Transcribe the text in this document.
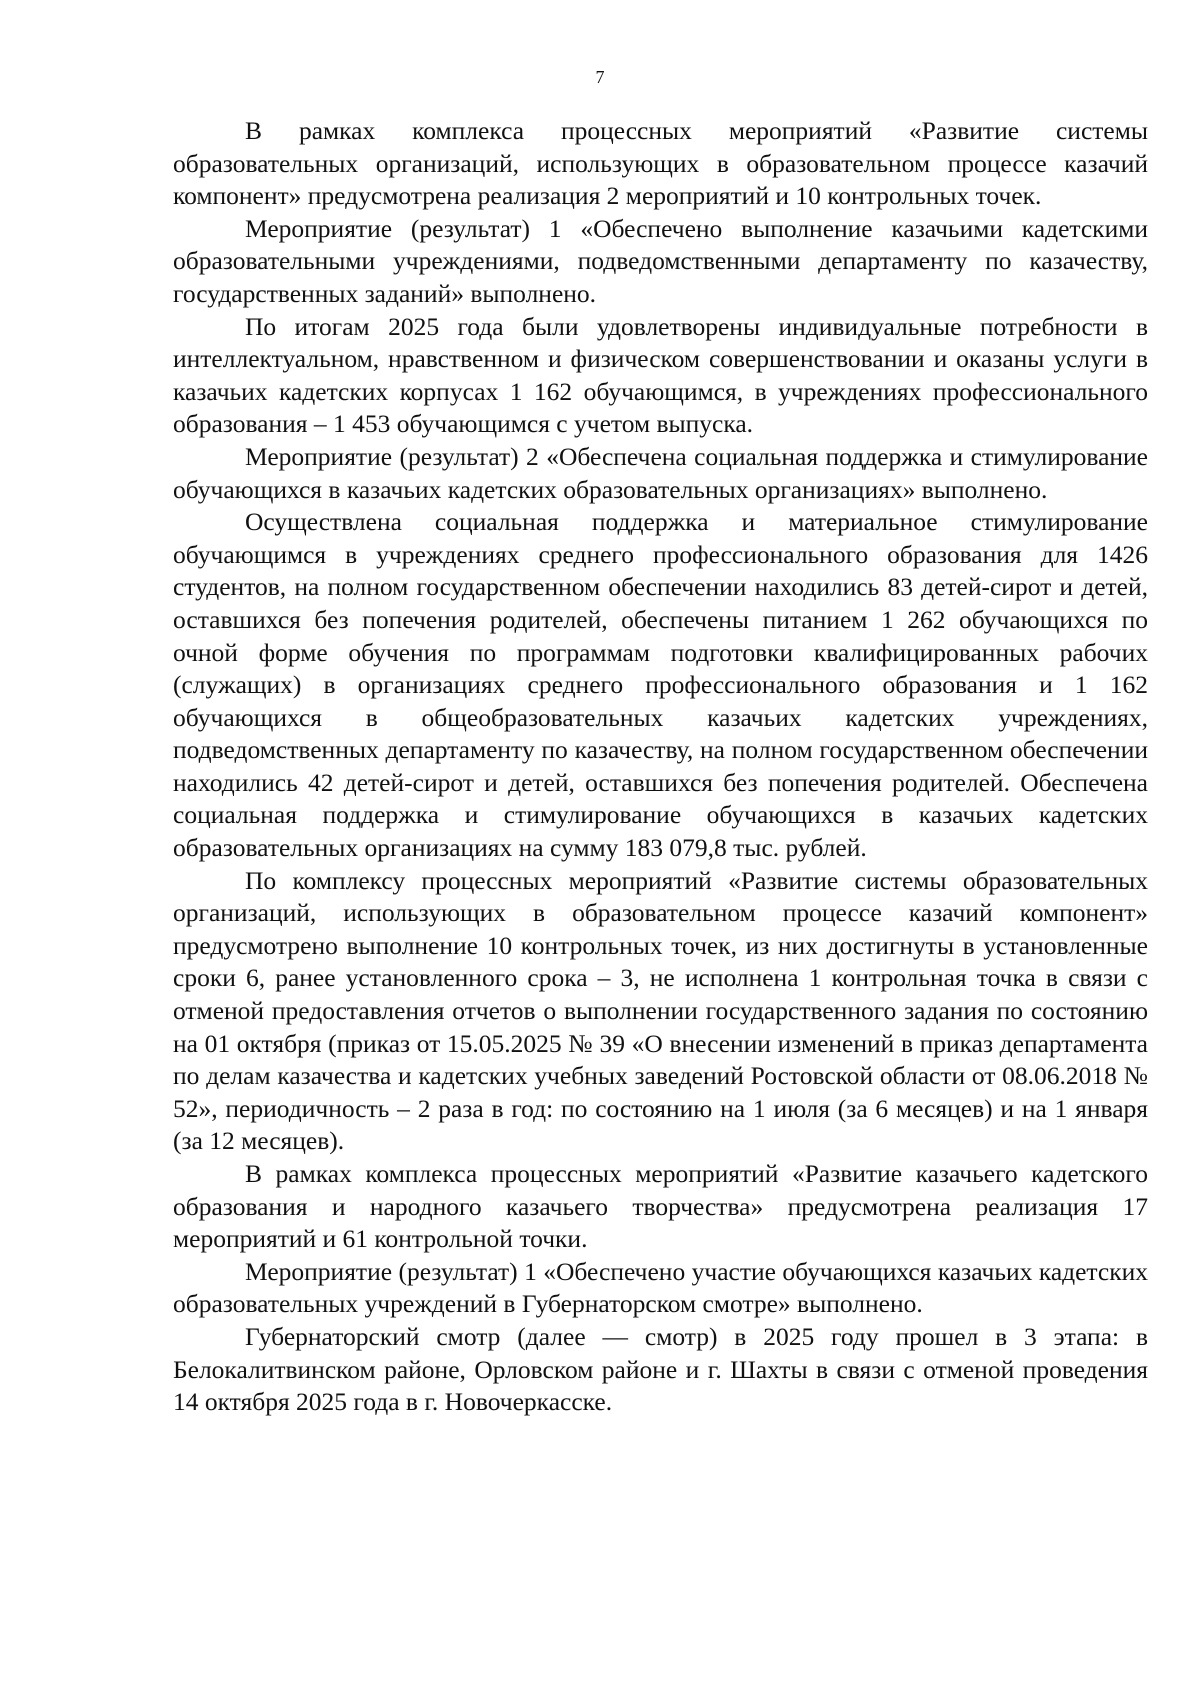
7

В рамках комплекса процессных мероприятий «Развитие системы образовательных организаций, использующих в образовательном процессе казачий компонент» предусмотрена реализация 2 мероприятий и 10 контрольных точек.

Мероприятие (результат) 1 «Обеспечено выполнение казачьими кадетскими образовательными учреждениями, подведомственными департаменту по казачеству, государственных заданий» выполнено.

По итогам 2025 года были удовлетворены индивидуальные потребности в интеллектуальном, нравственном и физическом совершенствовании и оказаны услуги в казачьих кадетских корпусах 1 162 обучающимся, в учреждениях профессионального образования – 1 453 обучающимся с учетом выпуска.

Мероприятие (результат) 2 «Обеспечена социальная поддержка и стимулирование обучающихся в казачьих кадетских образовательных организациях» выполнено.

Осуществлена социальная поддержка и материальное стимулирование обучающимся в учреждениях среднего профессионального образования для 1426 студентов, на полном государственном обеспечении находились 83 детей-сирот и детей, оставшихся без попечения родителей, обеспечены питанием 1 262 обучающихся по очной форме обучения по программам подготовки квалифицированных рабочих (служащих) в организациях среднего профессионального образования и 1 162 обучающихся в общеобразовательных казачьих кадетских учреждениях, подведомственных департаменту по казачеству, на полном государственном обеспечении находились 42 детей-сирот и детей, оставшихся без попечения родителей. Обеспечена социальная поддержка и стимулирование обучающихся в казачьих кадетских образовательных организациях на сумму 183 079,8 тыс. рублей.

По комплексу процессных мероприятий «Развитие системы образовательных организаций, использующих в образовательном процессе казачий компонент» предусмотрено выполнение 10 контрольных точек, из них достигнуты в установленные сроки 6, ранее установленного срока – 3, не исполнена 1 контрольная точка в связи с отменой предоставления отчетов о выполнении государственного задания по состоянию на 01 октября (приказ от 15.05.2025 № 39 «О внесении изменений в приказ департамента по делам казачества и кадетских учебных заведений Ростовской области от 08.06.2018 № 52», периодичность – 2 раза в год: по состоянию на 1 июля (за 6 месяцев) и на 1 января (за 12 месяцев).

В рамках комплекса процессных мероприятий «Развитие казачьего кадетского образования и народного казачьего творчества» предусмотрена реализация 17 мероприятий и 61 контрольной точки.

Мероприятие (результат) 1 «Обеспечено участие обучающихся казачьих кадетских образовательных учреждений в Губернаторском смотре» выполнено.

Губернаторский смотр (далее — смотр) в 2025 году прошел в 3 этапа: в Белокалитвинском районе, Орловском районе и г. Шахты в связи с отменой проведения 14 октября 2025 года в г. Новочеркасске.
